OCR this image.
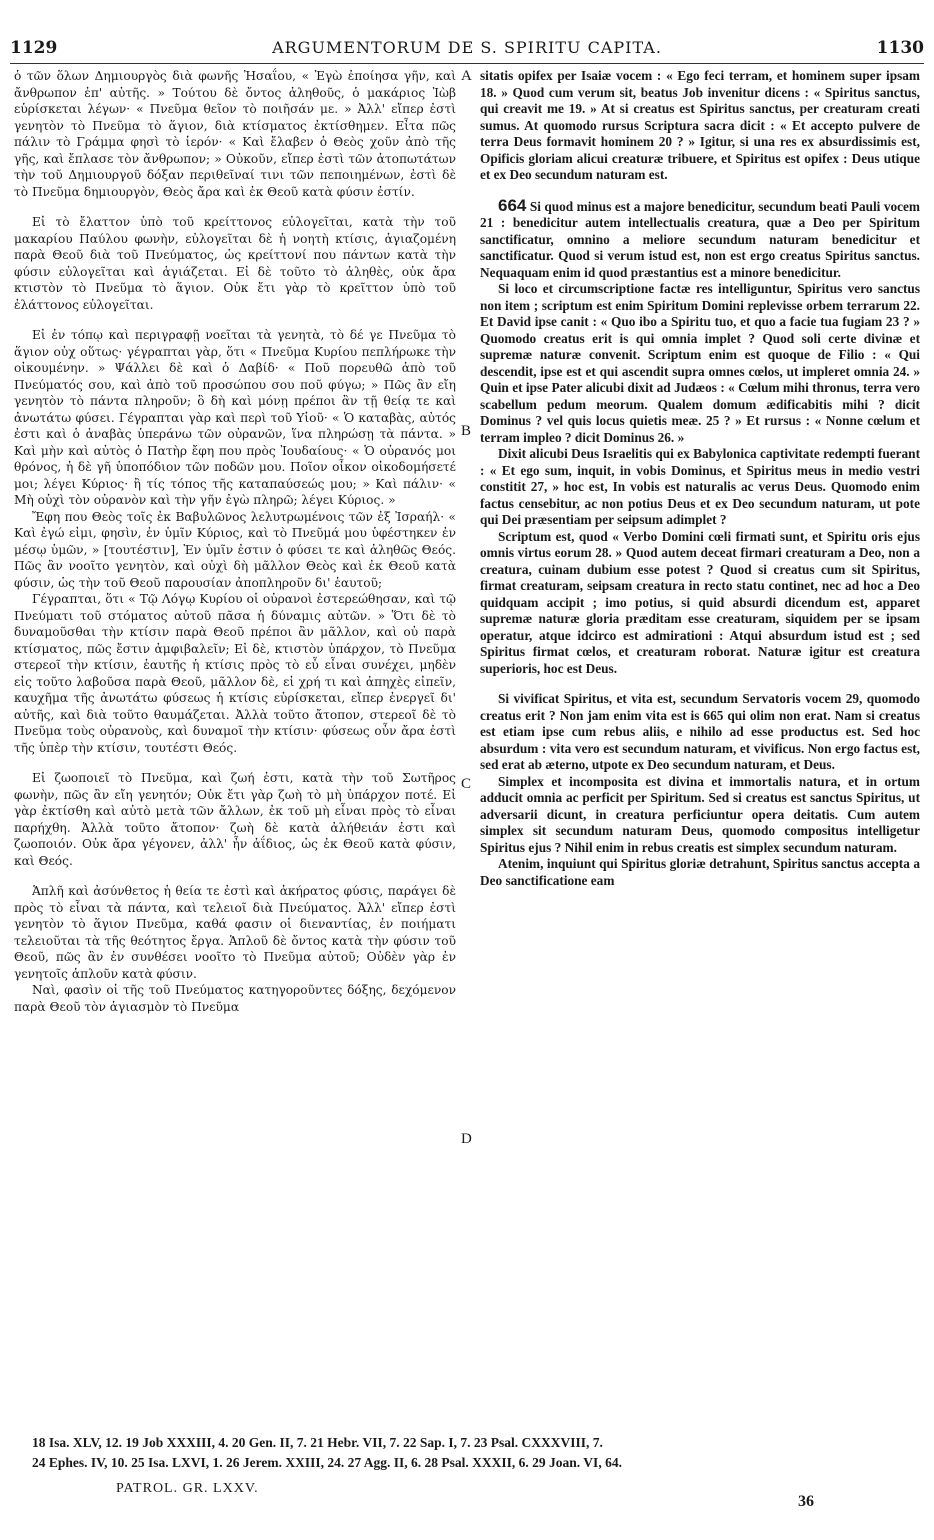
1129	ARGUMENTORUM DE S. SPIRITU CAPITA.	1130

ὁ τῶν ὅλων Δημιουργὸς διὰ φωνῆς Ἠσαΐου, « Ἐγὼ ἐποίησα γῆν, καὶ ἄνθρωπον ἐπ' αὐτῆς. » Τούτου δὲ ὄντος ἀληθοῦς, ὁ μακάριος Ἰὼβ εὑρίσκεται λέγων· « Πνεῦμα θεῖον τὸ ποιῆσάν με. » Ἀλλ' εἴπερ ἐστὶ γενητὸν τὸ Πνεῦμα τὸ ἅγιον, διὰ κτίσματος ἐκτίσθημεν. Εἶτα πῶς πάλιν τὸ Γράμμα φησὶ τὸ ἱερόν· « Καὶ ἔλαβεν ὁ Θεὸς χοῦν ἀπὸ τῆς γῆς, καὶ ἔπλασε τὸν ἄνθρωπον; » Οὐκοῦν, εἴπερ ἐστὶ τῶν ἀτοπωτάτων τὴν τοῦ Δημιουργοῦ δόξαν περιθεῖναί τινι τῶν πεποιημένων, ἐστὶ δὲ τὸ Πνεῦμα δημιουργὸν, Θεὸς ἄρα καὶ ἐκ Θεοῦ κατὰ φύσιν ἐστίν.

Εἰ τὸ ἔλαττον ὑπὸ τοῦ κρείττονος εὐλογεῖται, κατὰ τὴν τοῦ μακαρίου Παύλου φωνὴν, εὐλογεῖται δὲ ἡ νοητὴ κτίσις, ἁγιαζομένη παρὰ Θεοῦ διὰ τοῦ Πνεύματος, ὡς κρείττονί που πάντων κατὰ τὴν φύσιν εὐλογεῖται καὶ ἁγιάζεται. Εἰ δὲ τοῦτο τὸ ἀληθὲς, οὐκ ἄρα κτιστὸν τὸ Πνεῦμα τὸ ἅγιον. Οὐκ ἔτι γὰρ τὸ κρεῖττον ὑπὸ τοῦ ἐλάττονος εὐλογεῖται.

Εἰ ἐν τόπῳ καὶ περιγραφῇ νοεῖται τὰ γενητὰ, τὸ δέ γε Πνεῦμα τὸ ἅγιον οὐχ οὕτως· γέγραπται γὰρ, ὅτι « Πνεῦμα Κυρίου πεπλήρωκε τὴν οἰκουμένην. » Ψάλλει δὲ καὶ ὁ Δαβίδ· « Ποῦ πορευθῶ ἀπὸ τοῦ Πνεύματός σου, καὶ ἀπὸ τοῦ προσώπου σου ποῦ φύγω; » Πῶς ἂν εἴη γενητὸν τὸ πάντα πληροῦν; ὃ δὴ καὶ μόνῃ πρέποι ἂν τῇ θείᾳ τε καὶ ἀνωτάτω φύσει. Γέγραπται γὰρ καὶ περὶ τοῦ Υἱοῦ· « Ὁ καταβὰς, αὐτός ἐστι καὶ ὁ ἀναβὰς ὑπεράνω τῶν οὐρανῶν, ἵνα πληρώσῃ τὰ πάντα. » Καὶ μὴν καὶ αὐτὸς ὁ Πατὴρ ἔφη που πρὸς Ἰουδαίους· « Ὁ οὐρανός μοι θρόνος, ἡ δὲ γῆ ὑποπόδιον τῶν ποδῶν μου. Ποῖον οἶκον οἰκοδομήσετέ μοι; λέγει Κύριος· ἢ τίς τόπος τῆς καταπαύσεώς μου; » Καὶ πάλιν· « Μὴ οὐχὶ τὸν οὐρανὸν καὶ τὴν γῆν ἐγὼ πληρῶ; λέγει Κύριος. »

Ἔφη που Θεὸς τοῖς ἐκ Βαβυλῶνος λελυτρωμένοις τῶν ἐξ Ἰσραήλ· « Καὶ ἐγώ εἰμι, φησὶν, ἐν ὑμῖν Κύριος, καὶ τὸ Πνεῦμά μου ὑφέστηκεν ἐν μέσῳ ὑμῶν, » [τουτέστιν], Ἐν ὑμῖν ἐστιν ὁ φύσει τε καὶ ἀληθῶς Θεός. Πῶς ἂν νοοῖτο γενητὸν, καὶ οὐχὶ δὴ μᾶλλον Θεὸς καὶ ἐκ Θεοῦ κατὰ φύσιν, ὡς τὴν τοῦ Θεοῦ παρουσίαν ἀποπληροῦν δι' ἑαυτοῦ;

Γέγραπται, ὅτι « Τῷ Λόγῳ Κυρίου οἱ οὐρανοὶ ἐστερεώθησαν, καὶ τῷ Πνεύματι τοῦ στόματος αὐτοῦ πᾶσα ἡ δύναμις αὐτῶν. » Ὅτι δὲ τὸ δυναμοῦσθαι τὴν κτίσιν παρὰ Θεοῦ πρέποι ἂν μᾶλλον, καὶ οὐ παρὰ κτίσματος, πῶς ἔστιν ἀμφιβαλεῖν; Εἰ δὲ, κτιστὸν ὑπάρχον, τὸ Πνεῦμα στερεοῖ τὴν κτίσιν, ἑαυτῆς ἡ κτίσις πρὸς τὸ εὖ εἶναι συνέχει, μηδὲν εἰς τοῦτο λαβοῦσα παρὰ Θεοῦ, μᾶλλον δὲ, εἰ χρή τι καὶ ἀπηχὲς εἰπεῖν, καυχῆμα τῆς ἀνωτάτω φύσεως ἡ κτίσις εὑρίσκεται, εἴπερ ἐνεργεῖ δι' αὐτῆς, καὶ διὰ τοῦτο θαυμάζεται. Ἀλλὰ τοῦτο ἄτοπον, στερεοῖ δὲ τὸ Πνεῦμα τοὺς οὐρανοὺς, καὶ δυναμοῖ τὴν κτίσιν· φύσεως οὖν ἄρα ἐστὶ τῆς ὑπὲρ τὴν κτίσιν, τουτέστι Θεός.

Εἰ ζωοποιεῖ τὸ Πνεῦμα, καὶ ζωή ἐστι, κατὰ τὴν τοῦ Σωτῆρος φωνὴν, πῶς ἂν εἴη γενητόν; Οὐκ ἔτι γὰρ ζωὴ τὸ μὴ ὑπάρχον ποτέ. Εἰ γὰρ ἐκτίσθη καὶ αὐτὸ μετὰ τῶν ἄλλων, ἐκ τοῦ μὴ εἶναι πρὸς τὸ εἶναι παρήχθη. Ἀλλὰ τοῦτο ἄτοπον· ζωὴ δὲ κατὰ ἀλήθειάν ἐστι καὶ ζωοποιόν. Οὐκ ἄρα γέγονεν, ἀλλ' ἦν ἀΐδιος, ὡς ἐκ Θεοῦ κατὰ φύσιν, καὶ Θεός.

Ἁπλῆ καὶ ἀσύνθετος ἡ θεία τε ἐστὶ καὶ ἀκήρατος φύσις, παράγει δὲ πρὸς τὸ εἶναι τὰ πάντα, καὶ τελειοῖ διὰ Πνεύματος. Ἀλλ' εἴπερ ἐστὶ γενητὸν τὸ ἅγιον Πνεῦμα, καθά φασιν οἱ διεναντίας, ἐν ποιήματι τελειοῦται τὰ τῆς θεότητος ἔργα. Ἁπλοῦ δὲ ὄντος κατὰ τὴν φύσιν τοῦ Θεοῦ, πῶς ἂν ἐν συνθέσει νοοῖτο τὸ Πνεῦμα αὐτοῦ; Οὐδὲν γὰρ ἐν γενητοῖς ἁπλοῦν κατὰ φύσιν.

Ναὶ, φασὶν οἱ τῆς τοῦ Πνεύματος κατηγοροῦντες δόξης, δεχόμενον παρὰ Θεοῦ τὸν ἁγιασμὸν τὸ Πνεῦμα

A
B
C
D

sitatis opifex per Isaiæ vocem : « Ego feci terram, et hominem super ipsam 18. » Quod cum verum sit, beatus Job invenitur dicens : « Spiritus sanctus, qui creavit me 19. » At si creatus est Spiritus sanctus, per creaturam creati sumus. At quomodo rursus Scriptura sacra dicit : « Et accepto pulvere de terra Deus formavit hominem 20 ? » Igitur, si una res ex absurdissimis est, Opificis gloriam alicui creaturæ tribuere, et Spiritus est opifex : Deus utique et ex Deo secundum naturam est.

664 Si quod minus est a majore benedicitur, secundum beati Pauli vocem 21 : benedicitur autem intellectualis creatura, quæ a Deo per Spiritum sanctificatur, omnino a meliore secundum naturam benedicitur et sanctificatur. Quod si verum istud est, non est ergo creatus Spiritus sanctus. Nequaquam enim id quod præstantius est a minore benedicitur.

Si loco et circumscriptione factæ res intelliguntur, Spiritus vero sanctus non item ; scriptum est enim Spiritum Domini replevisse orbem terrarum 22. Et David ipse canit : « Quo ibo a Spiritu tuo, et quo a facie tua fugiam 23 ? » Quomodo creatus erit is qui omnia implet ? Quod soli certe divinæ et supremæ naturæ convenit. Scriptum enim est quoque de Filio : « Qui descendit, ipse est et qui ascendit supra omnes cœlos, ut impleret omnia 24. » Quin et ipse Pater alicubi dixit ad Judæos : « Cœlum mihi thronus, terra vero scabellum pedum meorum. Qualem domum ædificabitis mihi ? dicit Dominus ? vel quis locus quietis meæ. 25 ? » Et rursus : « Nonne cœlum et terram impleo ? dicit Dominus 26. »

Dixit alicubi Deus Israelitis qui ex Babylonica captivitate redempti fuerant : « Et ego sum, inquit, in vobis Dominus, et Spiritus meus in medio vestri constitit 27, » hoc est, In vobis est naturalis ac verus Deus. Quomodo enim factus censebitur, ac non potius Deus et ex Deo secundum naturam, ut pote qui Dei præsentiam per seipsum adimplet ?

Scriptum est, quod « Verbo Domini cœli firmati sunt, et Spiritu oris ejus omnis virtus eorum 28. » Quod autem deceat firmari creaturam a Deo, non a creatura, cuinam dubium esse potest ? Quod si creatus cum sit Spiritus, firmat creaturam, seipsam creatura in recto statu continet, nec ad hoc a Deo quidquam accipit ; imo potius, si quid absurdi dicendum est, apparet supremæ naturæ gloria præditam esse creaturam, siquidem per se ipsam operatur, atque idcirco est admirationi : Atqui absurdum istud est ; sed Spiritus firmat cœlos, et creaturam roborat. Naturæ igitur est creatura superioris, hoc est Deus.

Si vivificat Spiritus, et vita est, secundum Servatoris vocem 29, quomodo creatus erit ? Non jam enim vita est is 665 qui olim non erat. Nam si creatus est etiam ipse cum rebus aliis, e nihilo ad esse productus est. Sed hoc absurdum : vita vero est secundum naturam, et vivificus. Non ergo factus est, sed erat ab æterno, utpote ex Deo secundum naturam, et Deus.

Simplex et incomposita est divina et immortalis natura, et in ortum adducit omnia ac perficit per Spiritum. Sed si creatus est sanctus Spiritus, ut adversarii dicunt, in creatura perficiuntur opera deitatis. Cum autem simplex sit secundum naturam Deus, quomodo compositus intelligetur Spiritus ejus ? Nihil enim in rebus creatis est simplex secundum naturam.

Atenim, inquiunt qui Spiritus gloriæ detrahunt, Spiritus sanctus accepta a Deo sanctificatione eam

18 Isa. XLV, 12. 19 Job XXXIII, 4. 20 Gen. II, 7. 21 Hebr. VII, 7. 22 Sap. I, 7. 23 Psal. CXXXVIII, 7.
24 Ephes. IV, 10. 25 Isa. LXVI, 1. 26 Jerem. XXIII, 24. 27 Agg. II, 6. 28 Psal. XXXII, 6. 29 Joan. VI, 64.
PATROL. GR. LXXV.
36
